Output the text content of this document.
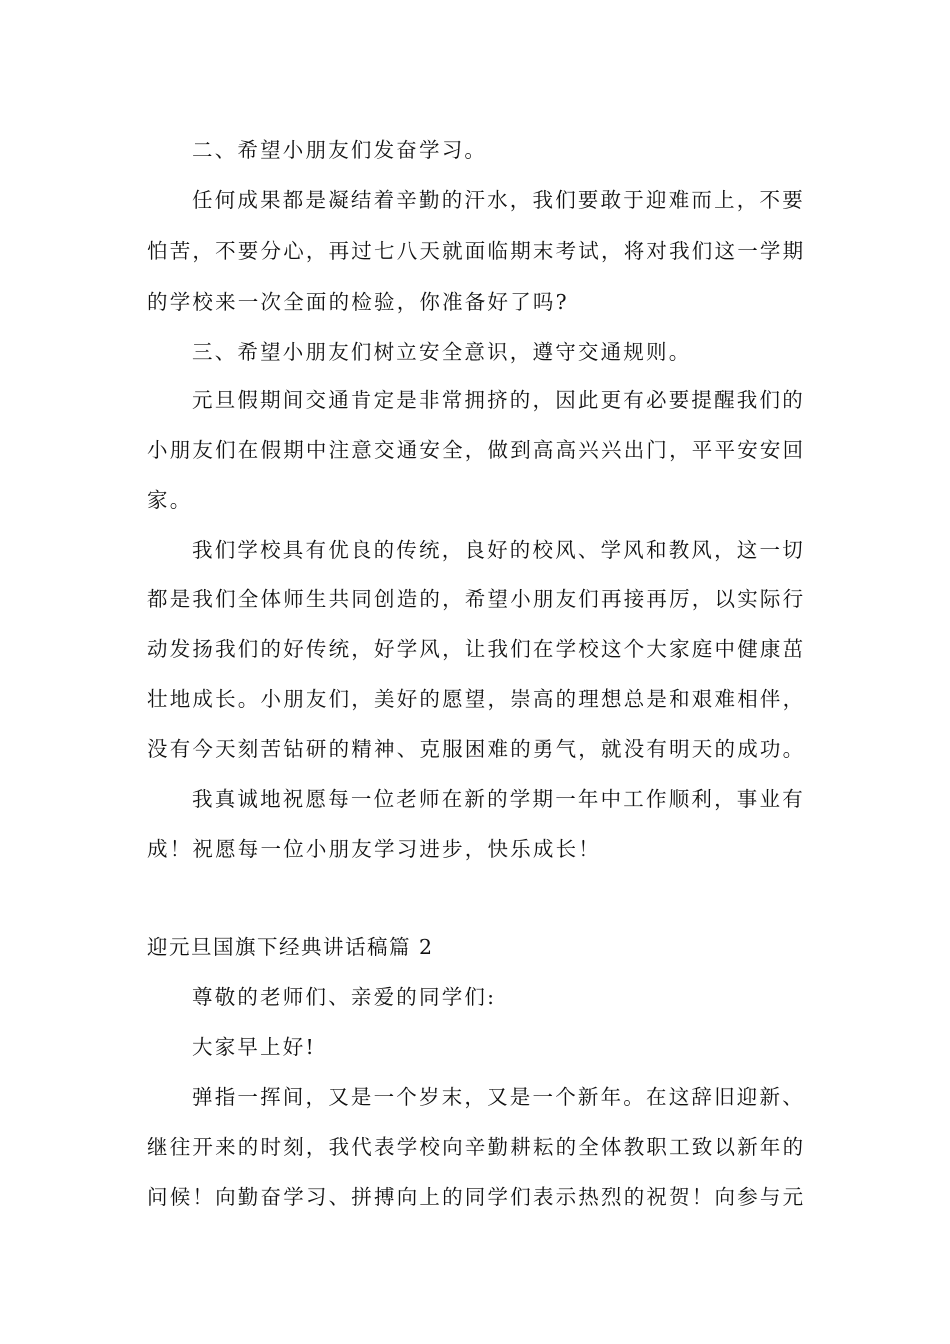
二、希望小朋友们发奋学习。
任何成果都是凝结着辛勤的汗水，我们要敢于迎难而上，不要
怕苦，不要分心，再过七八天就面临期末考试，将对我们这一学期
的学校来一次全面的检验，你准备好了吗?
三、希望小朋友们树立安全意识，遵守交通规则。
元旦假期间交通肯定是非常拥挤的，因此更有必要提醒我们的
小朋友们在假期中注意交通安全，做到高高兴兴出门，平平安安回
家。
我们学校具有优良的传统，良好的校风、学风和教风，这一切
都是我们全体师生共同创造的，希望小朋友们再接再厉，以实际行
动发扬我们的好传统，好学风，让我们在学校这个大家庭中健康茁
壮地成长。小朋友们，美好的愿望，崇高的理想总是和艰难相伴，
没有今天刻苦钻研的精神、克服困难的勇气，就没有明天的成功。
我真诚地祝愿每一位老师在新的学期一年中工作顺利，事业有
成！祝愿每一位小朋友学习进步，快乐成长！
迎元旦国旗下经典讲话稿篇 2
尊敬的老师们、亲爱的同学们:
大家早上好!
弹指一挥间，又是一个岁末，又是一个新年。在这辞旧迎新、
继往开来的时刻，我代表学校向辛勤耕耘的全体教职工致以新年的
问候！向勤奋学习、拼搏向上的同学们表示热烈的祝贺！向参与元
